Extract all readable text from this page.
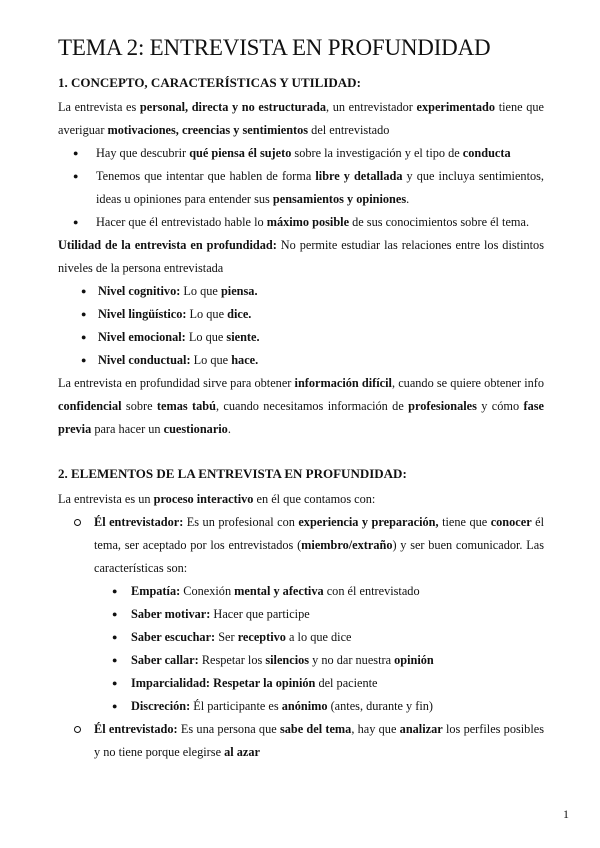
TEMA 2: ENTREVISTA EN PROFUNDIDAD
1. CONCEPTO, CARACTERÍSTICAS Y UTILIDAD:

La entrevista es personal, directa y no estructurada, un entrevistador experimentado tiene que averiguar motivaciones, creencias y sentimientos del entrevistado

● Hay que descubrir qué piensa él sujeto sobre la investigación y el tipo de conducta
● Tenemos que intentar que hablen de forma libre y detallada y que incluya sentimientos, ideas u opiniones para entender sus pensamientos y opiniones.
● Hacer que él entrevistado hable lo máximo posible de sus conocimientos sobre él tema.

Utilidad de la entrevista en profundidad: No permite estudiar las relaciones entre los distintos niveles de la persona entrevistada

● Nivel cognitivo: Lo que piensa.
● Nivel lingüístico: Lo que dice.
● Nivel emocional: Lo que siente.
● Nivel conductual: Lo que hace.

La entrevista en profundidad sirve para obtener información difícil, cuando se quiere obtener info confidencial sobre temas tabú, cuando necesitamos información de profesionales y cómo fase previa para hacer un cuestionario.

2. ELEMENTOS DE LA ENTREVISTA EN PROFUNDIDAD:

La entrevista es un proceso interactivo en él que contamos con:

Él entrevistador: Es un profesional con experiencia y preparación, tiene que conocer él tema, ser aceptado por los entrevistados (miembro/extraño) y ser buen comunicador. Las características son:
● Empatía: Conexión mental y afectiva con él entrevistado
● Saber motivar: Hacer que participe
● Saber escuchar: Ser receptivo a lo que dice
● Saber callar: Respetar los silencios y no dar nuestra opinión
● Imparcialidad: Respetar la opinión del paciente
● Discreción: Él participante es anónimo (antes, durante y fin)
Él entrevistado: Es una persona que sabe del tema, hay que analizar los perfiles posibles y no tiene porque elegirse al azar
1
